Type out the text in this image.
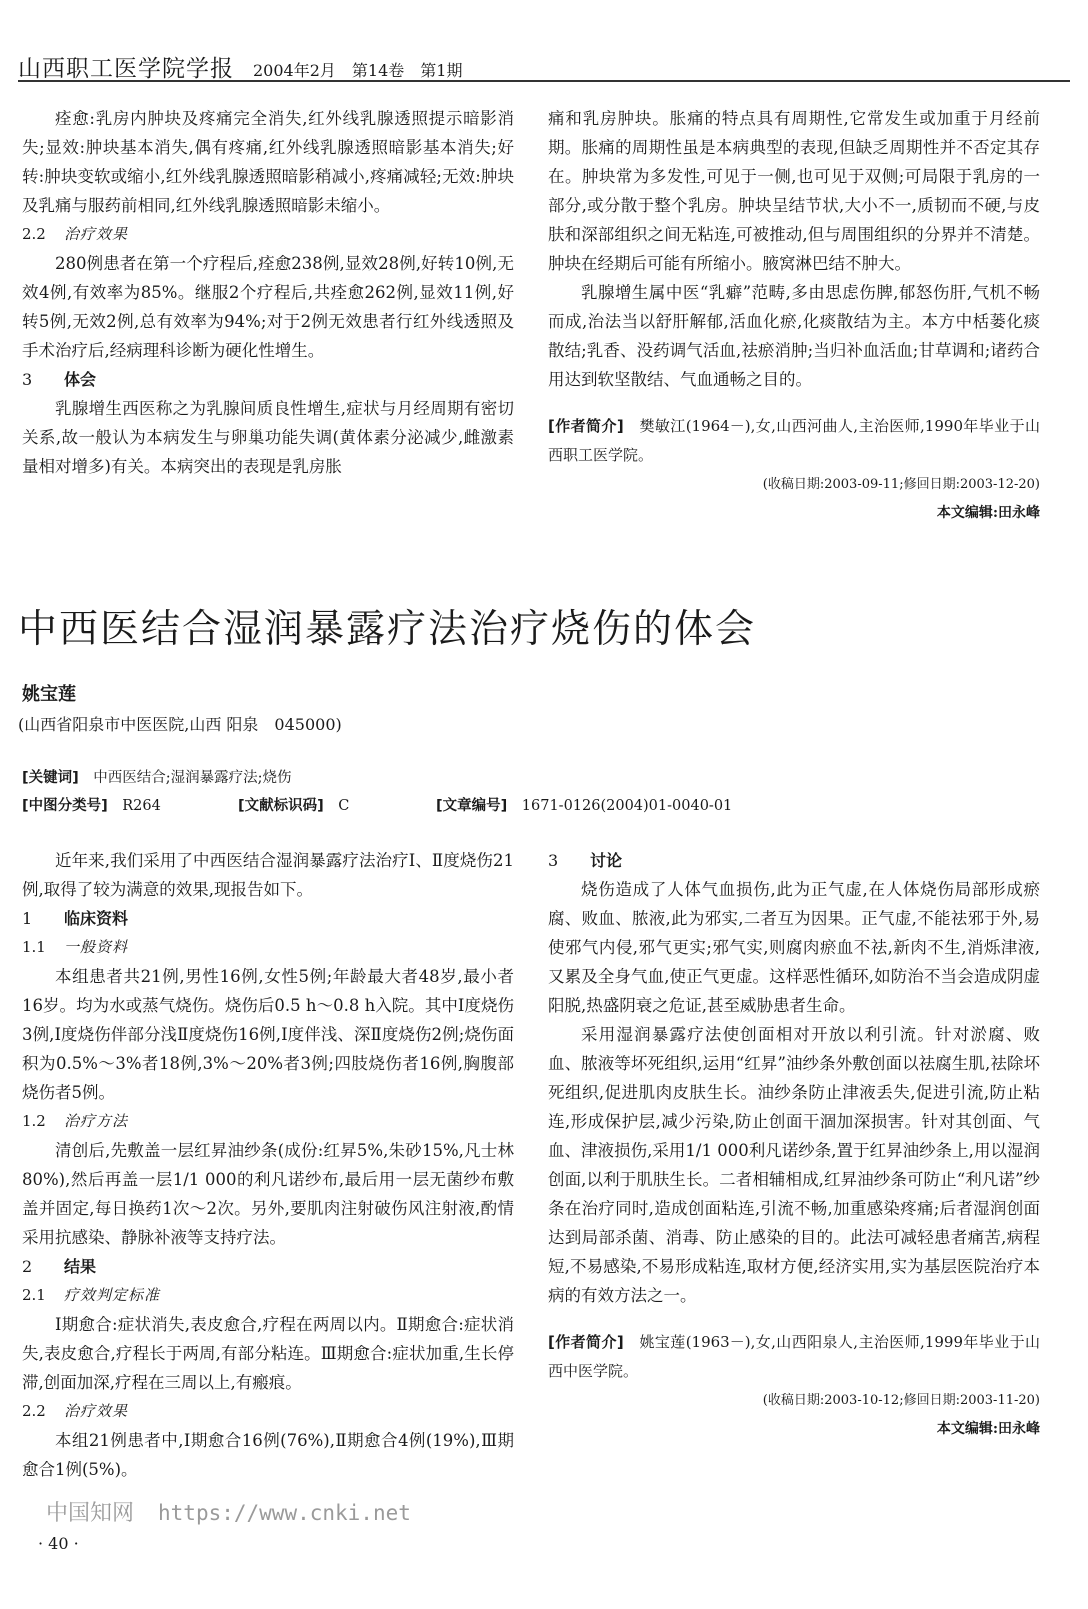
山西职工医学院学报 2004年2月　第14卷　第1期

痊愈:乳房内肿块及疼痛完全消失,红外线乳腺透照提示暗影消失;显效:肿块基本消失,偶有疼痛,红外线乳腺透照暗影基本消失;好转:肿块变软或缩小,红外线乳腺透照暗影稍减小,疼痛减轻;无效:肿块及乳痛与服药前相同,红外线乳腺透照暗影未缩小。

2.2 治疗效果

280例患者在第一个疗程后,痊愈238例,显效28例,好转10例,无效4例,有效率为85%。继服2个疗程后,共痊愈262例,显效11例,好转5例,无效2例,总有效率为94%;对于2例无效患者行红外线透照及手术治疗后,经病理科诊断为硬化性增生。

3 体会

乳腺增生西医称之为乳腺间质良性增生,症状与月经周期有密切关系,故一般认为本病发生与卵巢功能失调(黄体素分泌减少,雌激素量相对增多)有关。本病突出的表现是乳房胀

痛和乳房肿块。胀痛的特点具有周期性,它常发生或加重于月经前期。胀痛的周期性虽是本病典型的表现,但缺乏周期性并不否定其存在。肿块常为多发性,可见于一侧,也可见于双侧;可局限于乳房的一部分,或分散于整个乳房。肿块呈结节状,大小不一,质韧而不硬,与皮肤和深部组织之间无粘连,可被推动,但与周围组织的分界并不清楚。肿块在经期后可能有所缩小。腋窝淋巴结不肿大。

乳腺增生属中医“乳癖”范畴,多由思虑伤脾,郁怒伤肝,气机不畅而成,治法当以舒肝解郁,活血化瘀,化痰散结为主。本方中栝蒌化痰散结;乳香、没药调气活血,祛瘀消肿;当归补血活血;甘草调和;诸药合用达到软坚散结、气血通畅之目的。

[作者简介]　 樊敏江(1964－),女,山西河曲人,主治医师,1990年毕业于山西职工医学院。

(收稿日期:2003-09-11;修回日期:2003-12-20)

本文编辑:田永峰

中西医结合湿润暴露疗法治疗烧伤的体会
姚宝莲
(山西省阳泉市中医医院,山西 阳泉　045000)
[关键词]　 中西医结合;湿润暴露疗法;烧伤
[中图分类号]　 R264	[文献标识码]　 C	[文章编号]　 1671-0126(2004)01-0040-01

近年来,我们采用了中西医结合湿润暴露疗法治疗Ⅰ、Ⅱ度烧伤21例,取得了较为满意的效果,现报告如下。

1 临床资料

1.1 一般资料

本组患者共21例,男性16例,女性5例;年龄最大者48岁,最小者16岁。均为水或蒸气烧伤。烧伤后0.5 h～0.8 h入院。其中Ⅰ度烧伤3例,Ⅰ度烧伤伴部分浅Ⅱ度烧伤16例,Ⅰ度伴浅、深Ⅱ度烧伤2例;烧伤面积为0.5%～3%者18例,3%～20%者3例;四肢烧伤者16例,胸腹部烧伤者5例。

1.2 治疗方法

清创后,先敷盖一层红昇油纱条(成份:红昇5%,朱砂15%,凡士林80%),然后再盖一层1/1 000的利凡诺纱布,最后用一层无菌纱布敷盖并固定,每日换药1次～2次。另外,要肌肉注射破伤风注射液,酌情采用抗感染、静脉补液等支持疗法。

2 结果

2.1 疗效判定标准

Ⅰ期愈合:症状消失,表皮愈合,疗程在两周以内。Ⅱ期愈合:症状消失,表皮愈合,疗程长于两周,有部分粘连。Ⅲ期愈合:症状加重,生长停滞,创面加深,疗程在三周以上,有瘢痕。

2.2 治疗效果

本组21例患者中,Ⅰ期愈合16例(76%),Ⅱ期愈合4例(19%),Ⅲ期愈合1例(5%)。

3 讨论

烧伤造成了人体气血损伤,此为正气虚,在人体烧伤局部形成瘀腐、败血、脓液,此为邪实,二者互为因果。正气虚,不能祛邪于外,易使邪气内侵,邪气更实;邪气实,则腐肉瘀血不祛,新肉不生,消烁津液,又累及全身气血,使正气更虚。这样恶性循环,如防治不当会造成阴虚阳脱,热盛阴衰之危证,甚至威胁患者生命。

采用湿润暴露疗法使创面相对开放以利引流。针对淤腐、败血、脓液等坏死组织,运用“红昇”油纱条外敷创面以祛腐生肌,祛除坏死组织,促进肌肉皮肤生长。油纱条防止津液丢失,促进引流,防止粘连,形成保护层,减少污染,防止创面干涸加深损害。针对其创面、气血、津液损伤,采用1/1 000利凡诺纱条,置于红昇油纱条上,用以湿润创面,以利于肌肤生长。二者相辅相成,红昇油纱条可防止“利凡诺”纱条在治疗同时,造成创面粘连,引流不畅,加重感染疼痛;后者湿润创面达到局部杀菌、消毒、防止感染的目的。此法可减轻患者痛苦,病程短,不易感染,不易形成粘连,取材方便,经济实用,实为基层医院治疗本病的有效方法之一。

[作者简介]　 姚宝莲(1963－),女,山西阳泉人,主治医师,1999年毕业于山西中医学院。

(收稿日期:2003-10-12;修回日期:2003-11-20)

本文编辑:田永峰

中国知网 https://www.cnki.net
· 40 ·
